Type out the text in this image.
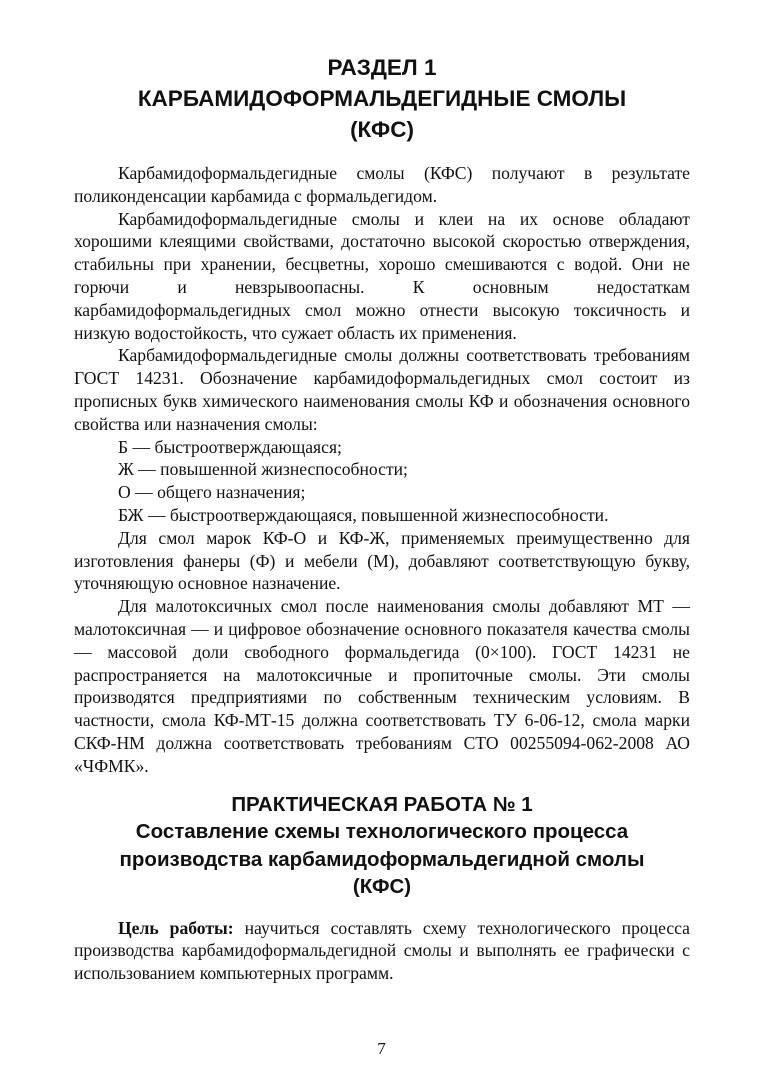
РАЗДЕЛ 1
КАРБАМИДОФОРМАЛЬДЕГИДНЫЕ СМОЛЫ
(КФС)

Карбамидоформальдегидные смолы (КФС) получают в результате поликонденсации карбамида с формальдегидом.

Карбамидоформальдегидные смолы и клеи на их основе обладают хорошими клеящими свойствами, достаточно высокой скоростью отверждения, стабильны при хранении, бесцветны, хорошо смешиваются с водой. Они не горючи и невзрывоопасны. К основным недостаткам карбамидоформальдегидных смол можно отнести высокую токсичность и низкую водостойкость, что сужает область их применения.

Карбамидоформальдегидные смолы должны соответствовать требованиям ГОСТ 14231. Обозначение карбамидоформальдегидных смол состоит из прописных букв химического наименования смолы КФ и обозначения основного свойства или назначения смолы:

Б — быстроотверждающаяся;
Ж — повышенной жизнеспособности;
О — общего назначения;
БЖ — быстроотверждающаяся, повышенной жизнеспособности.

Для смол марок КФ-О и КФ-Ж, применяемых преимущественно для изготовления фанеры (Ф) и мебели (М), добавляют соответствующую букву, уточняющую основное назначение.

Для малотоксичных смол после наименования смолы добавляют МТ — малотоксичная — и цифровое обозначение основного показателя качества смолы — массовой доли свободного формальдегида (0×100). ГОСТ 14231 не распространяется на малотоксичные и пропиточные смолы. Эти смолы производятся предприятиями по собственным техническим условиям. В частности, смола КФ-МТ-15 должна соответствовать ТУ 6-06-12, смола марки СКФ-НМ должна соответствовать требованиям СТО 00255094-062-2008 АО «ЧФМК».

ПРАКТИЧЕСКАЯ РАБОТА № 1
Составление схемы технологического процесса
производства карбамидоформальдегидной смолы
(КФС)

Цель работы: научиться составлять схему технологического процесса производства карбамидоформальдегидной смолы и выполнять ее графически с использованием компьютерных программ.

7
